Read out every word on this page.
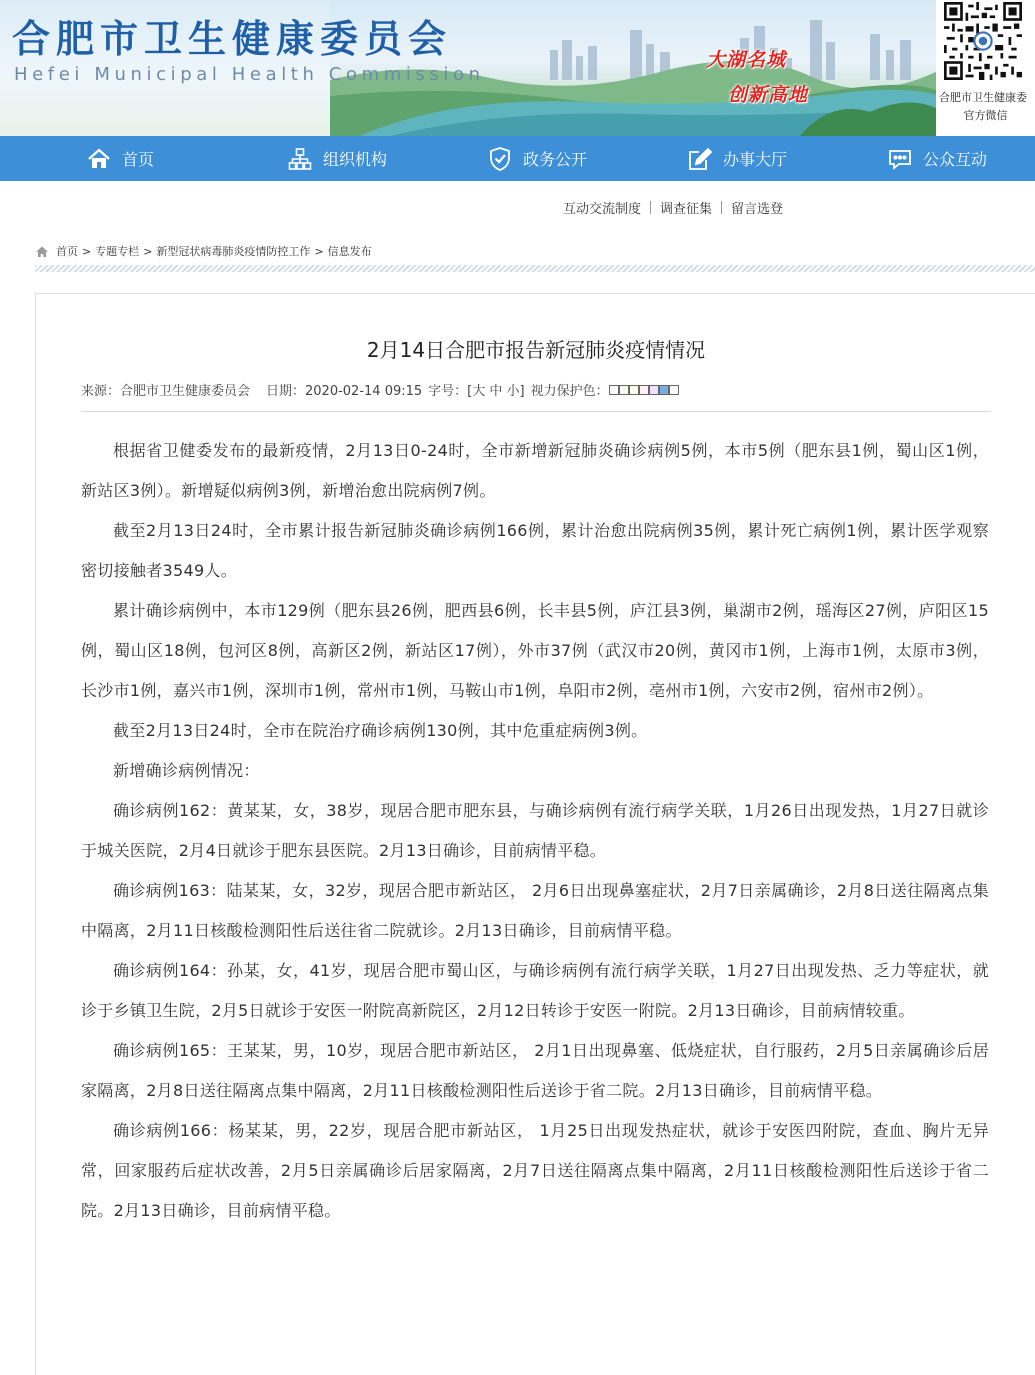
合肥市卫生健康委员会
Hefei Municipal Health Commission
大湖名城
创新高地	合肥市卫生健康委
官方微信
首页	组织机构	政务公开	办事大厅	公众互动
互动交流制度 调查征集 留言选登
首页 > 专题专栏 > 新型冠状病毒肺炎疫情防控工作 > 信息发布
2月14日合肥市报告新冠肺炎疫情情况
来源：合肥市卫生健康委员会 日期：2020-02-14 09:15 字号：[大 中 小] 视力保护色：

根据省卫健委发布的最新疫情，2月13日0-24时，全市新增新冠肺炎确诊病例5例，本市5例（肥东县1例，蜀山区1例，新站区3例）。新增疑似病例3例，新增治愈出院病例7例。

截至2月13日24时，全市累计报告新冠肺炎确诊病例166例，累计治愈出院病例35例，累计死亡病例1例，累计医学观察密切接触者3549人。

累计确诊病例中，本市129例（肥东县26例，肥西县6例，长丰县5例，庐江县3例，巢湖市2例，瑶海区27例，庐阳区15例，蜀山区18例，包河区8例，高新区2例，新站区17例），外市37例（武汉市20例，黄冈市1例，上海市1例，太原市3例，长沙市1例，嘉兴市1例，深圳市1例，常州市1例，马鞍山市1例，阜阳市2例，亳州市1例，六安市2例，宿州市2例）。

截至2月13日24时，全市在院治疗确诊病例130例，其中危重症病例3例。

新增确诊病例情况：

确诊病例162：黄某某，女，38岁，现居合肥市肥东县，与确诊病例有流行病学关联，1月26日出现发热，1月27日就诊于城关医院，2月4日就诊于肥东县医院。2月13日确诊，目前病情平稳。

确诊病例163：陆某某，女，32岁，现居合肥市新站区， 2月6日出现鼻塞症状，2月7日亲属确诊，2月8日送往隔离点集中隔离，2月11日核酸检测阳性后送往省二院就诊。2月13日确诊，目前病情平稳。

确诊病例164：孙某，女，41岁，现居合肥市蜀山区，与确诊病例有流行病学关联，1月27日出现发热、乏力等症状，就诊于乡镇卫生院，2月5日就诊于安医一附院高新院区，2月12日转诊于安医一附院。2月13日确诊，目前病情较重。

确诊病例165：王某某，男，10岁，现居合肥市新站区， 2月1日出现鼻塞、低烧症状，自行服药，2月5日亲属确诊后居家隔离，2月8日送往隔离点集中隔离，2月11日核酸检测阳性后送诊于省二院。2月13日确诊，目前病情平稳。

确诊病例166：杨某某，男，22岁，现居合肥市新站区， 1月25日出现发热症状，就诊于安医四附院，查血、胸片无异常，回家服药后症状改善，2月5日亲属确诊后居家隔离，2月7日送往隔离点集中隔离，2月11日核酸检测阳性后送诊于省二院。2月13日确诊，目前病情平稳。
